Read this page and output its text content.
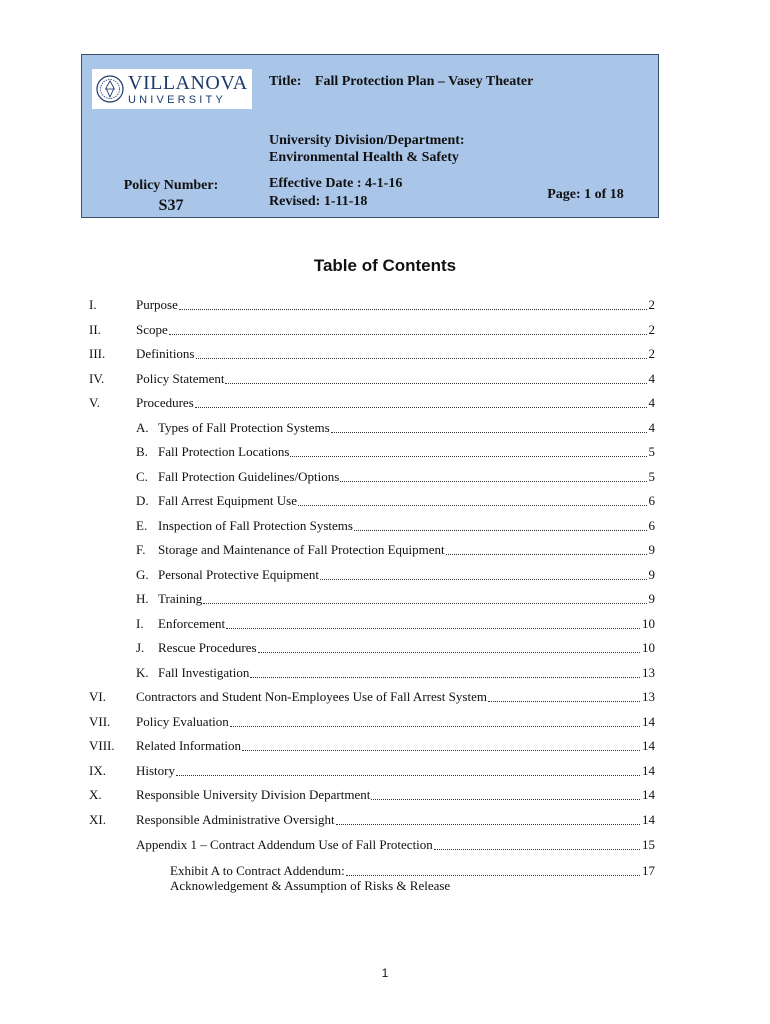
VILLANOVA
UNIVERSITY
Title: Fall Protection Plan – Vasey Theater
University Division/Department:
Environmental Health & Safety
Policy Number:
S37
Effective Date : 4-1-16
Revised: 1-11-18	Page: 1 of 18
Table of Contents
I.	Purpose	2
II.	Scope	2
III. Definitions	2
IV. Policy Statement	4
V.	Procedures	4
A. Types of Fall Protection Systems	4
B. Fall Protection Locations	5
C. Fall Protection Guidelines/Options	5
D. Fall Arrest Equipment Use	6
E. Inspection of Fall Protection Systems	6
F. Storage and Maintenance of Fall Protection Equipment	9
G. Personal Protective Equipment	9
H. Training	9
I. Enforcement	10
J. Rescue Procedures	10
K. Fall Investigation	13
VI. Contractors and Student Non-Employees Use of Fall Arrest System	13
VII. Policy Evaluation	14
VIII. Related Information	14
IX. History	14
X.	Responsible University Division Department	14
XI. Responsible Administrative Oversight	14
Appendix 1 – Contract Addendum Use of Fall Protection	15
Exhibit A to Contract Addendum:	17
Acknowledgement & Assumption of Risks & Release
1
